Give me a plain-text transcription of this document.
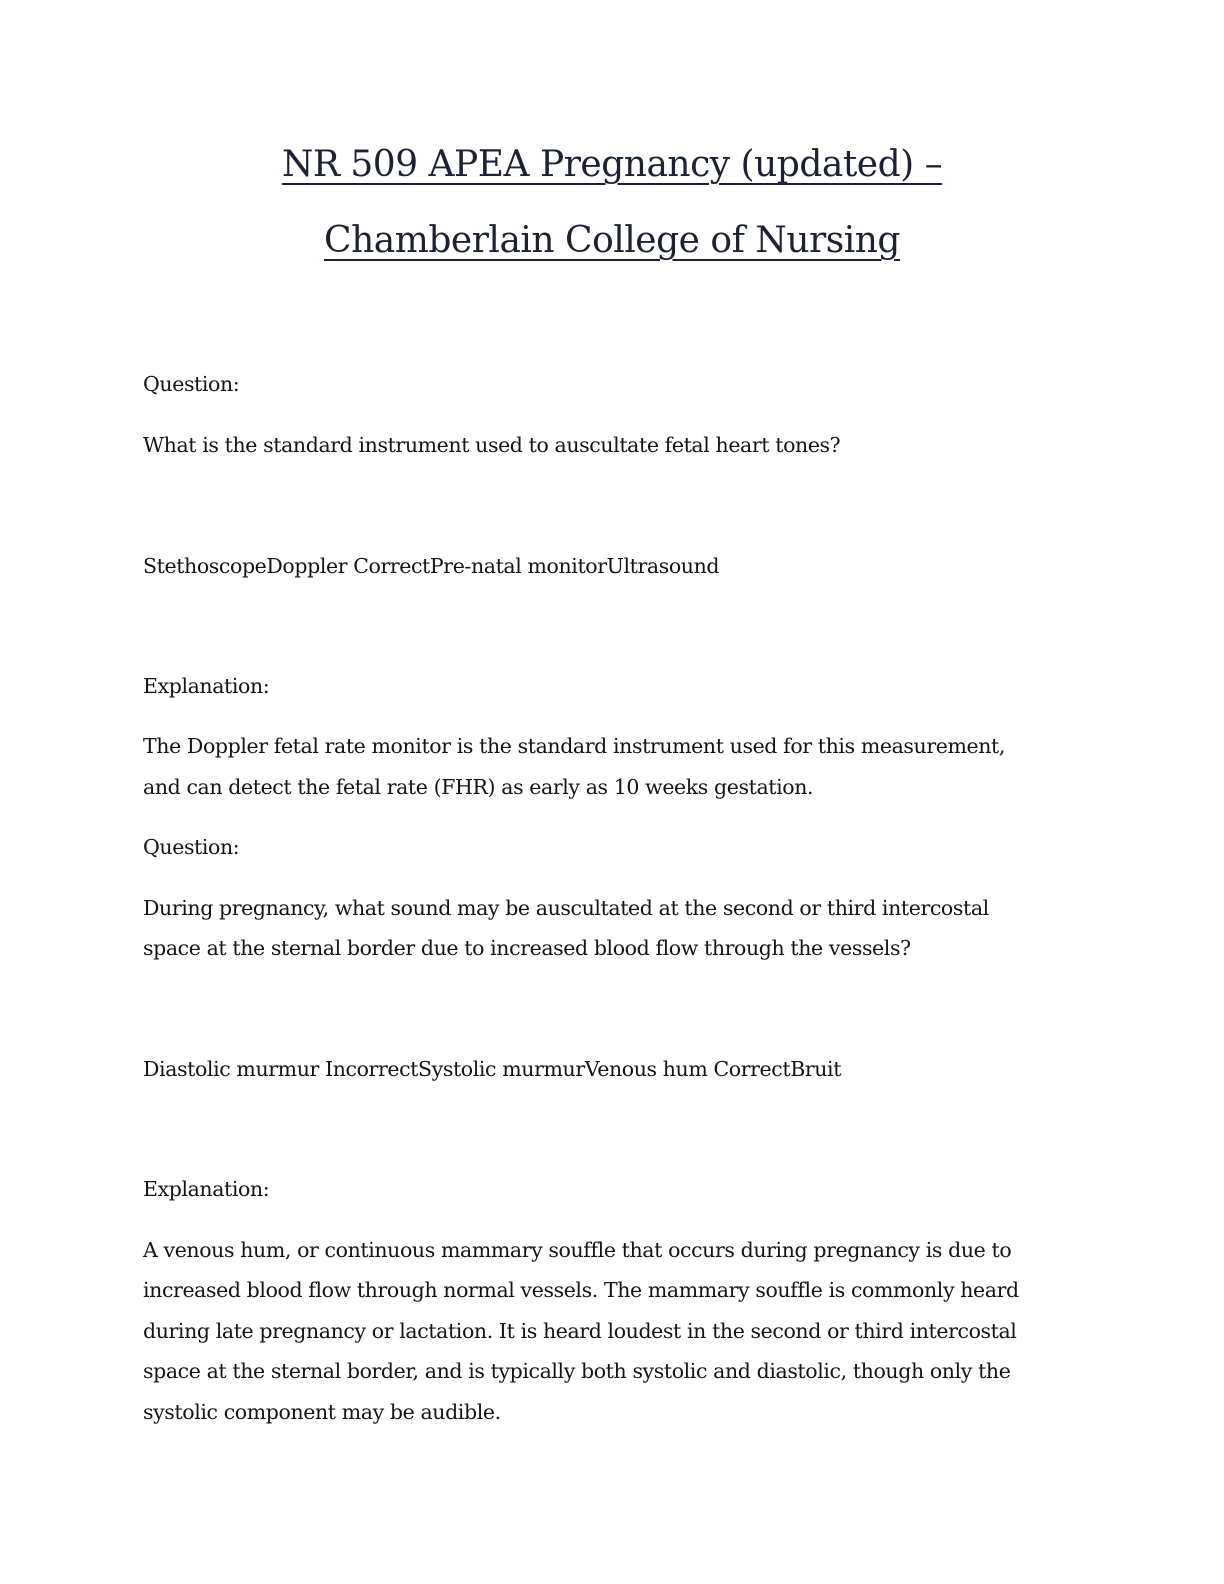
NR 509 APEA Pregnancy (updated) –
Chamberlain College of Nursing
Question:
What is the standard instrument used to auscultate fetal heart tones?
StethoscopeDoppler CorrectPre-natal monitorUltrasound
Explanation:
The Doppler fetal rate monitor is the standard instrument used for this measurement,
and can detect the fetal rate (FHR) as early as 10 weeks gestation.
Question:
During pregnancy, what sound may be auscultated at the second or third intercostal
space at the sternal border due to increased blood flow through the vessels?
Diastolic murmur IncorrectSystolic murmurVenous hum CorrectBruit
Explanation:
A venous hum, or continuous mammary souffle that occurs during pregnancy is due to
increased blood flow through normal vessels. The mammary souffle is commonly heard
during late pregnancy or lactation. It is heard loudest in the second or third intercostal
space at the sternal border, and is typically both systolic and diastolic, though only the
systolic component may be audible.
